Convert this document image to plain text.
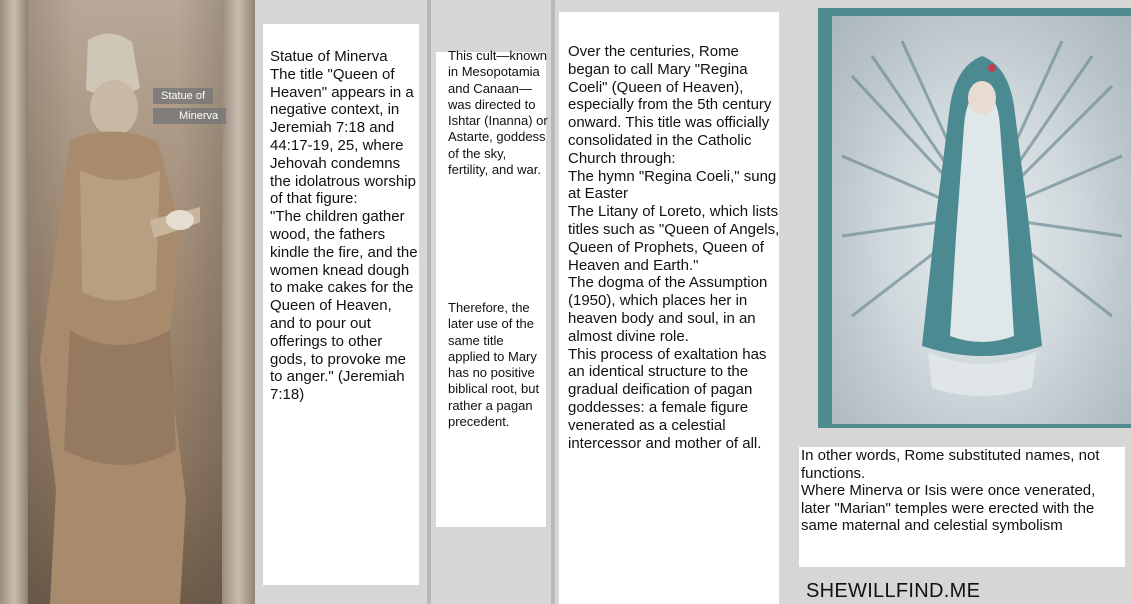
Statue of
Minerva
Statue of Minerva
The title "Queen of Heaven" appears in a negative context, in Jeremiah 7:18 and 44:17-19, 25, where Jehovah condemns the idolatrous worship of that figure:
"The children gather wood, the fathers kindle the fire, and the women knead dough to make cakes for the Queen of Heaven, and to pour out offerings to other gods, to provoke me to anger." (Jeremiah 7:18)
This cult—known in Mesopotamia and Canaan—was directed to Ishtar (Inanna) or Astarte, goddess of the sky, fertility, and war.
Therefore, the later use of the same title applied to Mary has no positive biblical root, but rather a pagan precedent.
Over the centuries, Rome began to call Mary "Regina Coeli" (Queen of Heaven), especially from the 5th century onward. This title was officially consolidated in the Catholic Church through:
The hymn "Regina Coeli," sung at Easter
The Litany of Loreto, which lists titles such as "Queen of Angels, Queen of Prophets, Queen of Heaven and Earth."
The dogma of the Assumption (1950), which places her in heaven body and soul, in an almost divine role.
This process of exaltation has an identical structure to the gradual deification of pagan goddesses: a female figure venerated as a celestial intercessor and mother of all.
In other words, Rome substituted names, not functions.
Where Minerva or Isis were once venerated, later "Marian" temples were erected with the same maternal and celestial symbolism
SHEWILLFIND.ME
